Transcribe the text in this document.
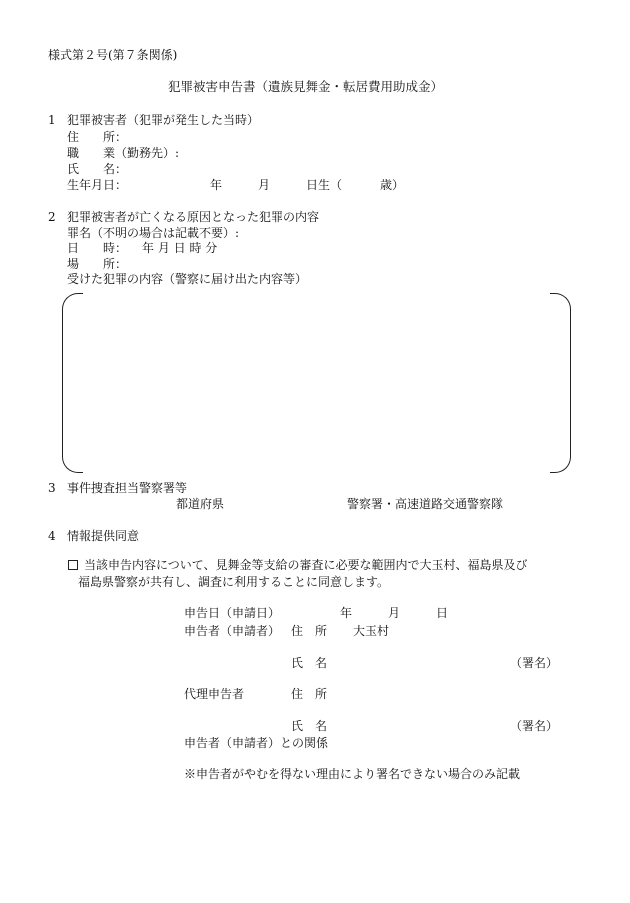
様式第２号(第７条関係)
犯罪被害申告書（遺族見舞金・転居費用助成金）
1 犯罪被害者（犯罪が発生した当時）
住　　所：
職　　業（勤務先）:
氏　　名：
生年月日：	年	月	日生（	歳）
2 犯罪被害者が亡くなる原因となった犯罪の内容
罪名（不明の場合は記載不要）:
日　　時： 年 月 日 時 分
場　　所：
受けた犯罪の内容（警察に届け出た内容等）
3 事件捜査担当警察署等
都道府県	警察署・高速道路交通警察隊
4 情報提供同意
当該申告内容について、見舞金等支給の審査に必要な範囲内で大玉村、福島県及び
福島県警察が共有し、調査に利用することに同意します。
申告日（申請日）	年	月	日
申告者（申請者） 住　所 大玉村
氏　名	（署名）
代理申告者	住　所
氏　名	（署名）
申告者（申請者）との関係
※申告者がやむを得ない理由により署名できない場合のみ記載
